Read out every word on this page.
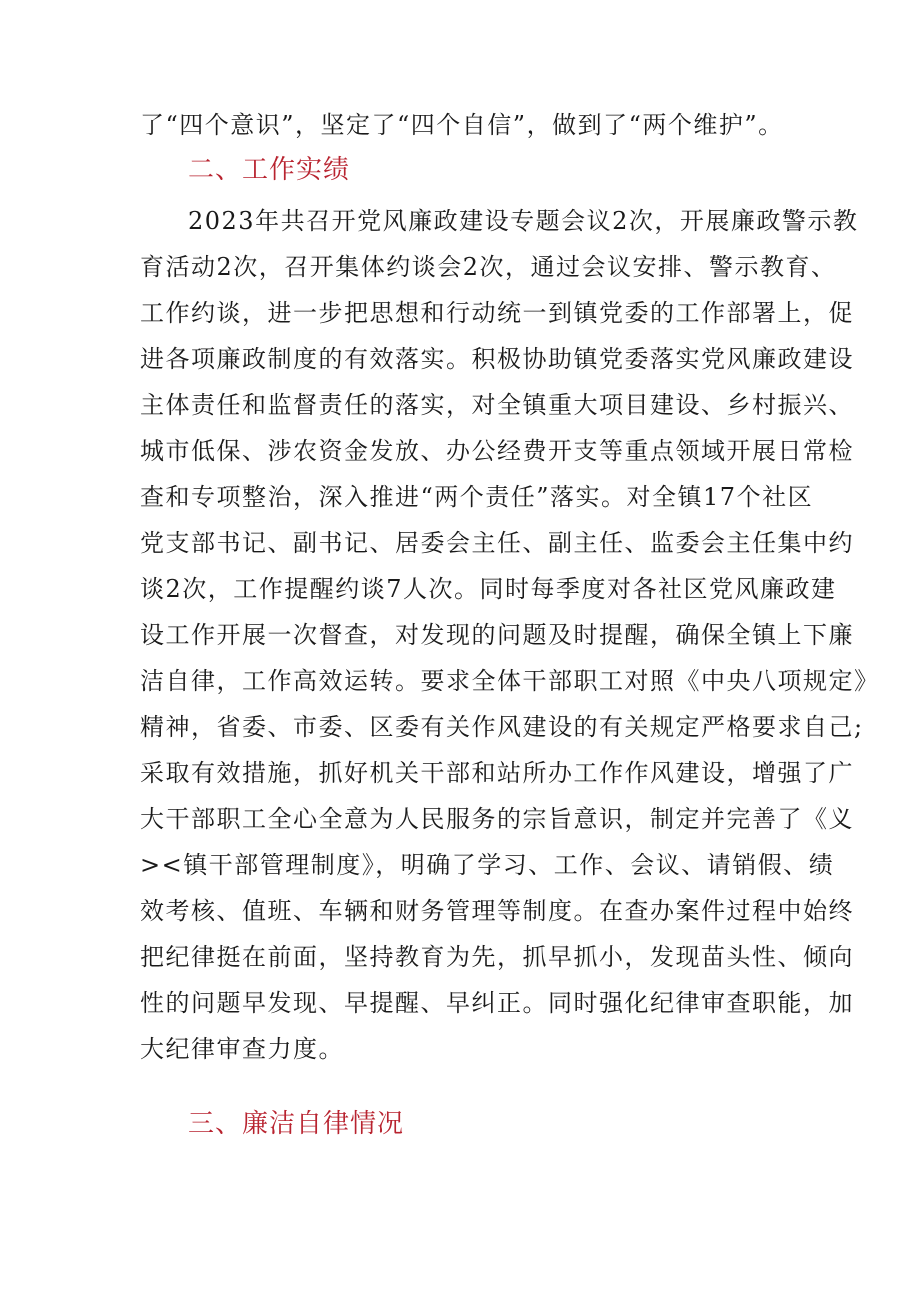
了“四个意识”，坚定了“四个自信”，做到了“两个维护”。
二、工作实绩
2023年共召开党风廉政建设专题会议2次，开展廉政警示教
育活动2次，召开集体约谈会2次，通过会议安排、警示教育、
工作约谈，进一步把思想和行动统一到镇党委的工作部署上，促
进各项廉政制度的有效落实。积极协助镇党委落实党风廉政建设
主体责任和监督责任的落实，对全镇重大项目建设、乡村振兴、
城市低保、涉农资金发放、办公经费开支等重点领域开展日常检
查和专项整治，深入推进“两个责任”落实。对全镇17个社区
党支部书记、副书记、居委会主任、副主任、监委会主任集中约
谈2次，工作提醒约谈7人次。同时每季度对各社区党风廉政建
设工作开展一次督查，对发现的问题及时提醒，确保全镇上下廉
洁自律，工作高效运转。要求全体干部职工对照《中央八项规定》
精神，省委、市委、区委有关作风建设的有关规定严格要求自己;
采取有效措施，抓好机关干部和站所办工作作风建设，增强了广
大干部职工全心全意为人民服务的宗旨意识，制定并完善了《义
><镇干部管理制度》，明确了学习、工作、会议、请销假、绩
效考核、值班、车辆和财务管理等制度。在查办案件过程中始终
把纪律挺在前面，坚持教育为先，抓早抓小，发现苗头性、倾向
性的问题早发现、早提醒、早纠正。同时强化纪律审查职能，加
大纪律审查力度。
三、廉洁自律情况
